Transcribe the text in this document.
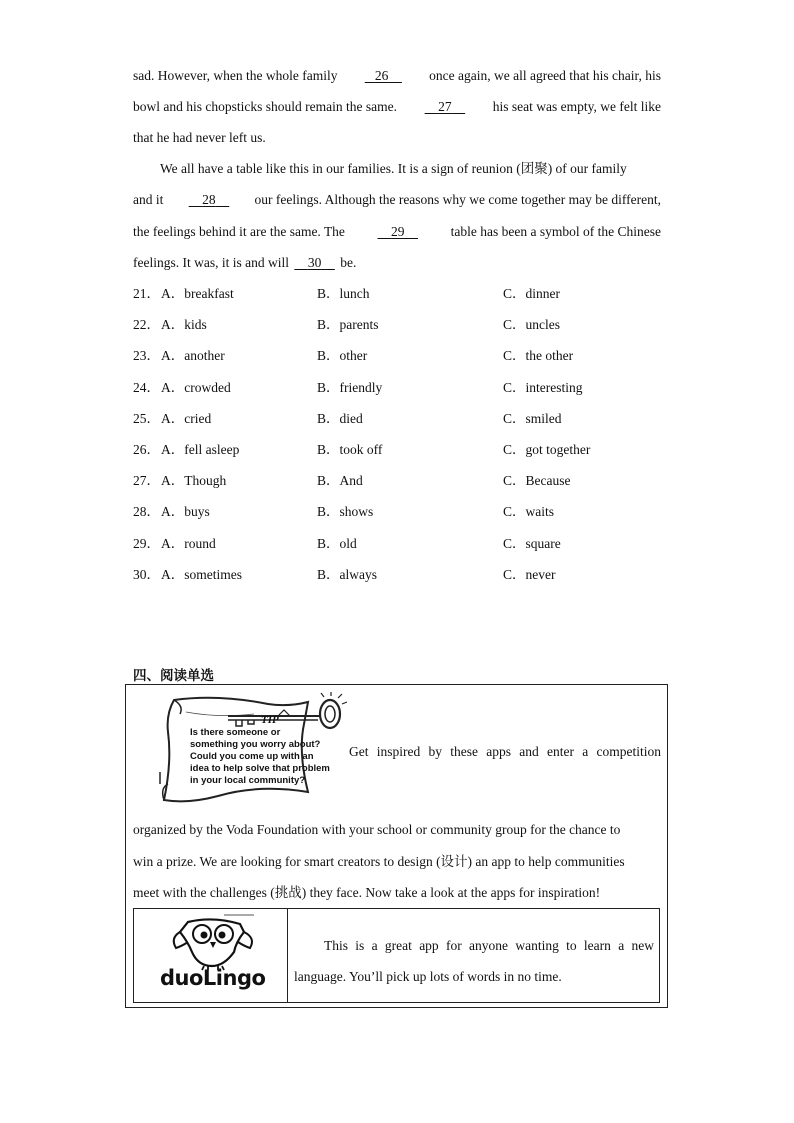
sad. However, when the whole family	26	once again, we all agreed that his chair, his
bowl and his chopsticks should remain the same.	27	his seat was empty, we felt like
that he had never left us.
We all have a table like this in our families. It is a sign of reunion (团聚) of our family
and it	28	our feelings. Although the reasons why we come together may be different,
the feelings behind it are the same. The	29	table has been a symbol of the Chinese
feelings. It was, it is and will 30 be.
21． A．breakfast	B．lunch	C．dinner
22． A．kids	B．parents	C．uncles
23． A．another	B．other	C．the other
24． A．crowded	B．friendly	C．interesting
25． A．cried	B．died	C．smiled
26． A．fell asleep	B．took off	C．got together
27． A．Though	B．And	C．Because
28． A．buys	B．shows	C．waits
29． A．round	B．old	C．square
30． A．sometimes	B．always	C．never
四、阅读单选
TIP
Is there someone or something you worry about? Could you come up with an idea to help solve that problem in your local community?
Get inspired by these apps and enter a competition
organized by the Voda Foundation with your school or community group for the chance to
win a prize. We are looking for smart creators to design (设计) an app to help communities
meet with the challenges (挑战) they face. Now take a look at the apps for inspiration!
duoLingo
This is a great app for anyone wanting to learn a new language. You’ll pick up lots of words in no time.
